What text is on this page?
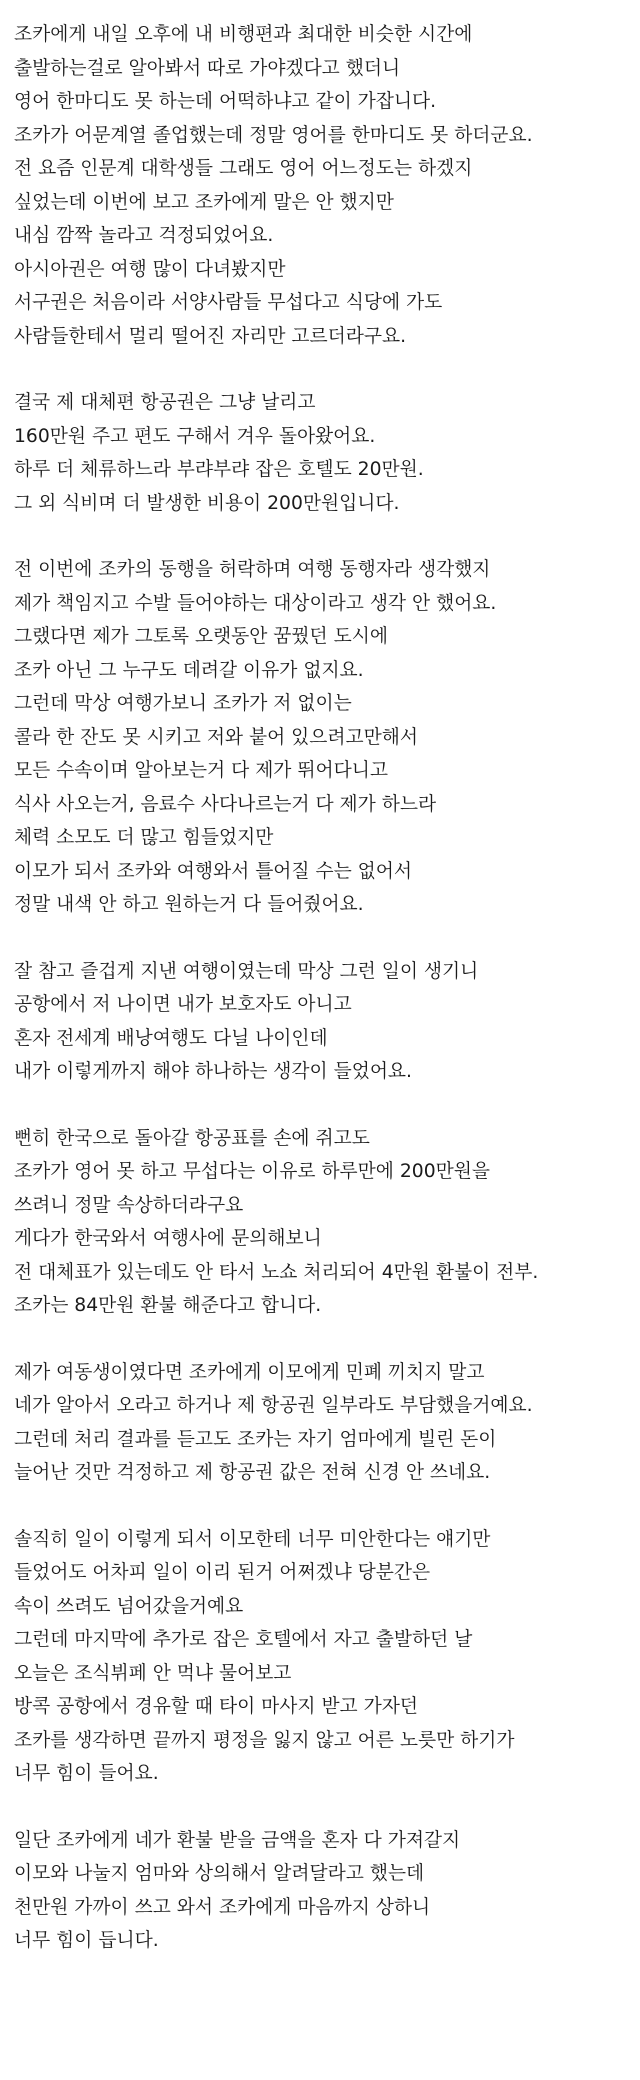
조카에게 내일 오후에 내 비행편과 최대한 비슷한 시간에
출발하는걸로 알아봐서 따로 가야겠다고 했더니
영어 한마디도 못 하는데 어떡하냐고 같이 가잡니다.
조카가 어문계열 졸업했는데 정말 영어를 한마디도 못 하더군요.
전 요즘 인문계 대학생들 그래도 영어 어느정도는 하겠지
싶었는데 이번에 보고 조카에게 말은 안 했지만
내심 깜짝 놀라고 걱정되었어요.
아시아권은 여행 많이 다녀봤지만
서구권은 처음이라 서양사람들 무섭다고 식당에 가도
사람들한테서 멀리 떨어진 자리만 고르더라구요.
결국 제 대체편 항공권은 그냥 날리고
160만원 주고 편도 구해서 겨우 돌아왔어요.
하루 더 체류하느라 부랴부랴 잡은 호텔도 20만원.
그 외 식비며 더 발생한 비용이 200만원입니다.
전 이번에 조카의 동행을 허락하며 여행 동행자라 생각했지
제가 책임지고 수발 들어야하는 대상이라고 생각 안 했어요.
그랬다면 제가 그토록 오랫동안 꿈꿨던 도시에
조카 아닌 그 누구도 데려갈 이유가 없지요.
그런데 막상 여행가보니 조카가 저 없이는
콜라 한 잔도 못 시키고 저와 붙어 있으려고만해서
모든 수속이며 알아보는거 다 제가 뛰어다니고
식사 사오는거, 음료수 사다나르는거 다 제가 하느라
체력 소모도 더 많고 힘들었지만
이모가 되서 조카와 여행와서 틀어질 수는 없어서
정말 내색 안 하고 원하는거 다 들어줬어요.
잘 참고 즐겁게 지낸 여행이였는데 막상 그런 일이 생기니
공항에서 저 나이면 내가 보호자도 아니고
혼자 전세계 배낭여행도 다닐 나이인데
내가 이렇게까지 해야 하나하는 생각이 들었어요.
뻔히 한국으로 돌아갈 항공표를 손에 쥐고도
조카가 영어 못 하고 무섭다는 이유로 하루만에 200만원을
쓰려니 정말 속상하더라구요
게다가 한국와서 여행사에 문의해보니
전 대체표가 있는데도 안 타서 노쇼 처리되어 4만원 환불이 전부.
조카는 84만원 환불 해준다고 합니다.
제가 여동생이였다면 조카에게 이모에게 민폐 끼치지 말고
네가 알아서 오라고 하거나 제 항공권 일부라도 부담했을거예요.
그런데 처리 결과를 듣고도 조카는 자기 엄마에게 빌린 돈이
늘어난 것만 걱정하고 제 항공권 값은 전혀 신경 안 쓰네요.
솔직히 일이 이렇게 되서 이모한테 너무 미안한다는 얘기만
들었어도 어차피 일이 이리 된거 어쩌겠냐 당분간은
속이 쓰려도 넘어갔을거예요
그런데 마지막에 추가로 잡은 호텔에서 자고 출발하던 날
오늘은 조식뷔페 안 먹냐 물어보고
방콕 공항에서 경유할 때 타이 마사지 받고 가자던
조카를 생각하면 끝까지 평정을 잃지 않고 어른 노릇만 하기가
너무 힘이 들어요.
일단 조카에게 네가 환불 받을 금액을 혼자 다 가져갈지
이모와 나눌지 엄마와 상의해서 알려달라고 했는데
천만원 가까이 쓰고 와서 조카에게 마음까지 상하니
너무 힘이 듭니다.
